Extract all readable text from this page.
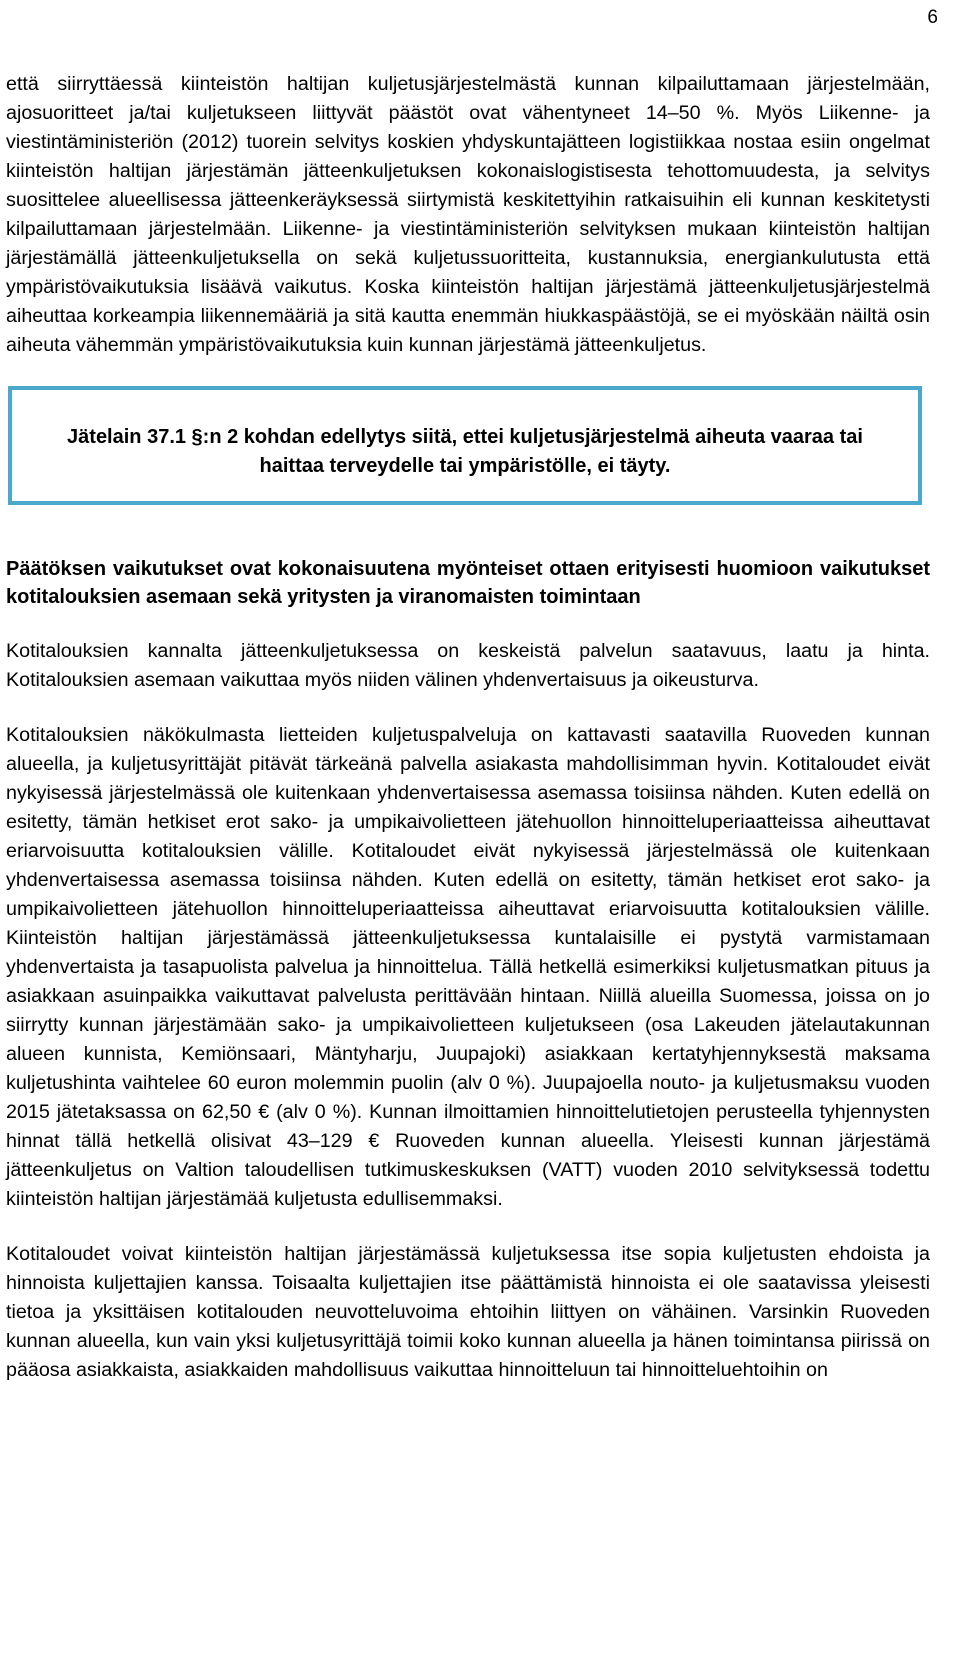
6

että siirryttäessä kiinteistön haltijan kuljetusjärjestelmästä kunnan kilpailuttamaan järjestelmään, ajosuoritteet ja/tai kuljetukseen liittyvät päästöt ovat vähentyneet 14–50 %. Myös Liikenne- ja viestintäministeriön (2012) tuorein selvitys koskien yhdyskuntajätteen logistiikkaa nostaa esiin ongelmat kiinteistön haltijan järjestämän jätteenkuljetuksen kokonaislogistisesta tehottomuudesta, ja selvitys suosittelee alueellisessa jätteenkeräyksessä siirtymistä keskitettyihin ratkaisuihin eli kunnan keskitetysti kilpailuttamaan järjestelmään. Liikenne- ja viestintäministeriön selvityksen mukaan kiinteistön haltijan järjestämällä jätteenkuljetuksella on sekä kuljetussuoritteita, kustannuksia, energiankulutusta että ympäristövaikutuksia lisäävä vaikutus. Koska kiinteistön haltijan järjestämä jätteenkuljetusjärjestelmä aiheuttaa korkeampia liikennemääriä ja sitä kautta enemmän hiukkaspäästöjä, se ei myöskään näiltä osin aiheuta vähemmän ympäristövaikutuksia kuin kunnan järjestämä jätteenkuljetus.

Jätelain 37.1 §:n 2 kohdan edellytys siitä, ettei kuljetusjärjestelmä aiheuta vaaraa tai haittaa terveydelle tai ympäristölle, ei täyty.

Päätöksen vaikutukset ovat kokonaisuutena myönteiset ottaen erityisesti huomioon vaikutukset kotitalouksien asemaan sekä yritysten ja viranomaisten toimintaan

Kotitalouksien kannalta jätteenkuljetuksessa on keskeistä palvelun saatavuus, laatu ja hinta. Kotitalouksien asemaan vaikuttaa myös niiden välinen yhdenvertaisuus ja oikeusturva.

Kotitalouksien näkökulmasta lietteiden kuljetuspalveluja on kattavasti saatavilla Ruoveden kunnan alueella, ja kuljetusyrittäjät pitävät tärkeänä palvella asiakasta mahdollisimman hyvin. Kotitaloudet eivät nykyisessä järjestelmässä ole kuitenkaan yhdenvertaisessa asemassa toisiinsa nähden. Kuten edellä on esitetty, tämän hetkiset erot sako- ja umpikaivolietteen jätehuollon hinnoitteluperiaatteissa aiheuttavat eriarvoisuutta kotitalouksien välille. Kotitaloudet eivät nykyisessä järjestelmässä ole kuitenkaan yhdenvertaisessa asemassa toisiinsa nähden. Kuten edellä on esitetty, tämän hetkiset erot sako- ja umpikaivolietteen jätehuollon hinnoitteluperiaatteissa aiheuttavat eriarvoisuutta kotitalouksien välille. Kiinteistön haltijan järjestämässä jätteenkuljetuksessa kuntalaisille ei pystytä varmistamaan yhdenvertaista ja tasapuolista palvelua ja hinnoittelua. Tällä hetkellä esimerkiksi kuljetusmatkan pituus ja asiakkaan asuinpaikka vaikuttavat palvelusta perittävään hintaan. Niillä alueilla Suomessa, joissa on jo siirrytty kunnan järjestämään sako- ja umpikaivolietteen kuljetukseen (osa Lakeuden jätelautakunnan alueen kunnista, Kemiönsaari, Mäntyharju, Juupajoki) asiakkaan kertatyhjennyksestä maksama kuljetushinta vaihtelee 60 euron molemmin puolin (alv 0 %). Juupajoella nouto- ja kuljetusmaksu vuoden 2015 jätetaksassa on 62,50 € (alv 0 %). Kunnan ilmoittamien hinnoittelutietojen perusteella tyhjennysten hinnat tällä hetkellä olisivat 43–129 € Ruoveden kunnan alueella. Yleisesti kunnan järjestämä jätteenkuljetus on Valtion taloudellisen tutkimuskeskuksen (VATT) vuoden 2010 selvityksessä todettu kiinteistön haltijan järjestämää kuljetusta edullisemmaksi.

Kotitaloudet voivat kiinteistön haltijan järjestämässä kuljetuksessa itse sopia kuljetusten ehdoista ja hinnoista kuljettajien kanssa. Toisaalta kuljettajien itse päättämistä hinnoista ei ole saatavissa yleisesti tietoa ja yksittäisen kotitalouden neuvotteluvoima ehtoihin liittyen on vähäinen. Varsinkin Ruoveden kunnan alueella, kun vain yksi kuljetusyrittäjä toimii koko kunnan alueella ja hänen toimintansa piirissä on pääosa asiakkaista, asiakkaiden mahdollisuus vaikuttaa hinnoitteluun tai hinnoitteluehtoihin on
